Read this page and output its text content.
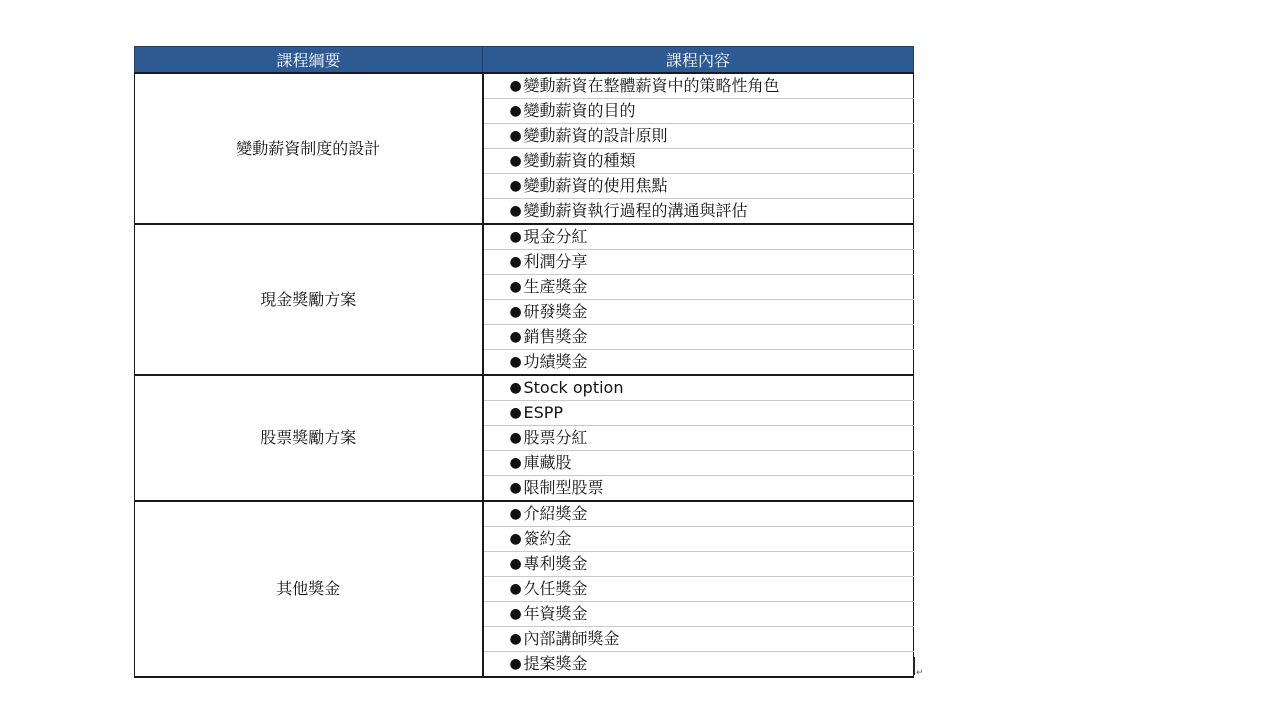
課程綱要	課程內容
變動薪資制度的設計	● 變動薪資在整體薪資中的策略性角色

	● 變動薪資的目的

	● 變動薪資的設計原則

	● 變動薪資的種類

	● 變動薪資的使用焦點

	● 變動薪資執行過程的溝通與評估
現金獎勵方案	● 現金分紅

	● 利潤分享

	● 生產獎金

	● 研發獎金

	● 銷售獎金

	● 功績獎金
股票獎勵方案	● Stock option

	● ESPP

	● 股票分紅

	● 庫藏股

	● 限制型股票
其他獎金	● 介紹獎金

	● 簽約金

	● 專利獎金

	● 久任獎金

	● 年資獎金

	● 內部講師獎金

	● 提案獎金	↵
